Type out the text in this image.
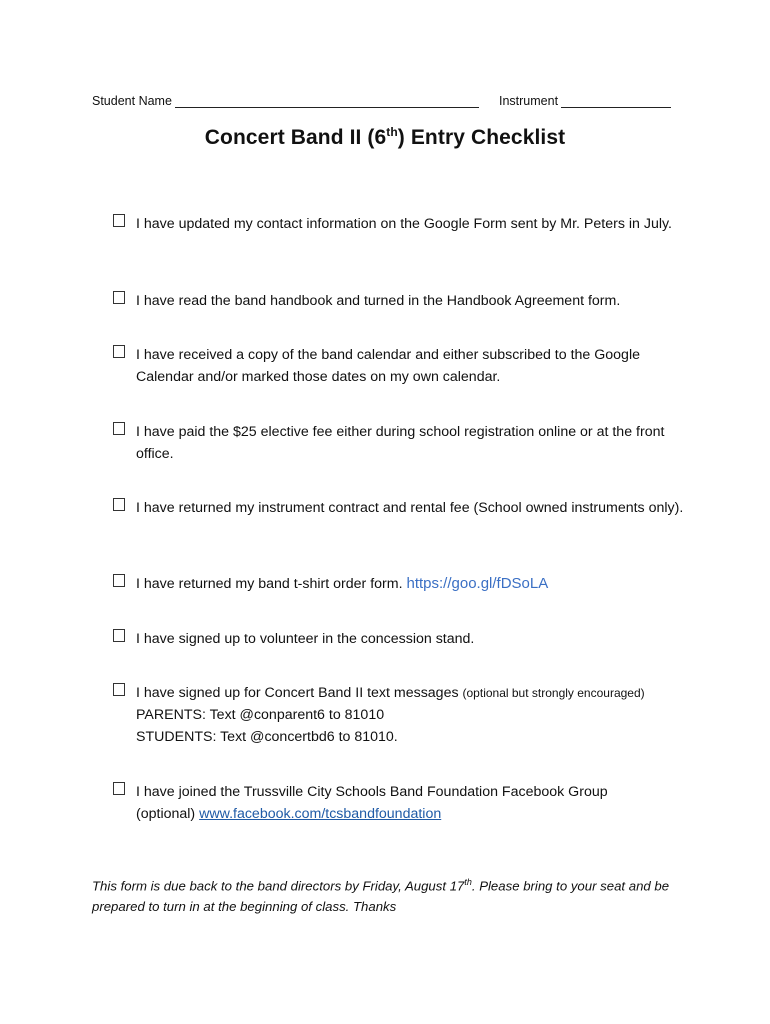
Student Name	Instrument
Concert Band II (6th) Entry Checklist
I have updated my contact information on the Google Form sent by Mr. Peters in July.
I have read the band handbook and turned in the Handbook Agreement form.
I have received a copy of the band calendar and either subscribed to the Google Calendar and/or marked those dates on my own calendar.
I have paid the $25 elective fee either during school registration online or at the front office.
I have returned my instrument contract and rental fee (School owned instruments only).
I have returned my band t-shirt order form. https://goo.gl/fDSoLA
I have signed up to volunteer in the concession stand.
I have signed up for Concert Band II text messages (optional but strongly encouraged)
PARENTS: Text @conparent6 to 81010
STUDENTS: Text @concertbd6 to 81010.
I have joined the Trussville City Schools Band Foundation Facebook Group
(optional) www.facebook.com/tcsbandfoundation
This form is due back to the band directors by Friday, August 17th. Please bring to your seat and be prepared to turn in at the beginning of class. Thanks
